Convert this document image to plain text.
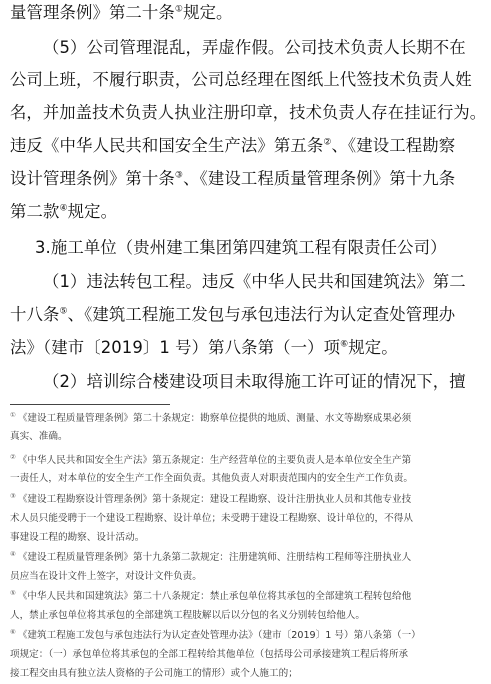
量管理条例》第二十条①规定。
（5）公司管理混乱，弄虚作假。公司技术负责人长期不在
公司上班，不履行职责，公司总经理在图纸上代签技术负责人姓
名，并加盖技术负责人执业注册印章，技术负责人存在挂证行为。
违反《中华人民共和国安全生产法》第五条②、《建设工程勘察
设计管理条例》第十条③、《建设工程质量管理条例》第十九条
第二款④规定。
3.施工单位（贵州建工集团第四建筑工程有限责任公司）
（1）违法转包工程。违反《中华人民共和国建筑法》第二
十八条⑤、《建筑工程施工发包与承包违法行为认定查处管理办
法》（建市〔2019〕1 号）第八条第（一）项⑥规定。
（2）培训综合楼建设项目未取得施工许可证的情况下，擅
① 《建设工程质量管理条例》第二十条规定：勘察单位提供的地质、测量、水文等勘察成果必须
真实、准确。
② 《中华人民共和国安全生产法》第五条规定：生产经营单位的主要负责人是本单位安全生产第
一责任人，对本单位的安全生产工作全面负责。其他负责人对职责范围内的安全生产工作负责。
③ 《建设工程勘察设计管理条例》第十条规定：建设工程勘察、设计注册执业人员和其他专业技
术人员只能受聘于一个建设工程勘察、设计单位；未受聘于建设工程勘察、设计单位的，不得从
事建设工程的勘察、设计活动。
④ 《建设工程质量管理条例》第十九条第二款规定：注册建筑师、注册结构工程师等注册执业人
员应当在设计文件上签字，对设计文件负责。
⑤ 《中华人民共和国建筑法》第二十八条规定：禁止承包单位将其承包的全部建筑工程转包给他
人，禁止承包单位将其承包的全部建筑工程肢解以后以分包的名义分别转包给他人。
⑥ 《建筑工程施工发包与承包违法行为认定查处管理办法》（建市〔2019〕1 号）第八条第（一）
项规定：（一）承包单位将其承包的全部工程转给其他单位（包括母公司承接建筑工程后将所承
接工程交由具有独立法人资格的子公司施工的情形）或个人施工的；
